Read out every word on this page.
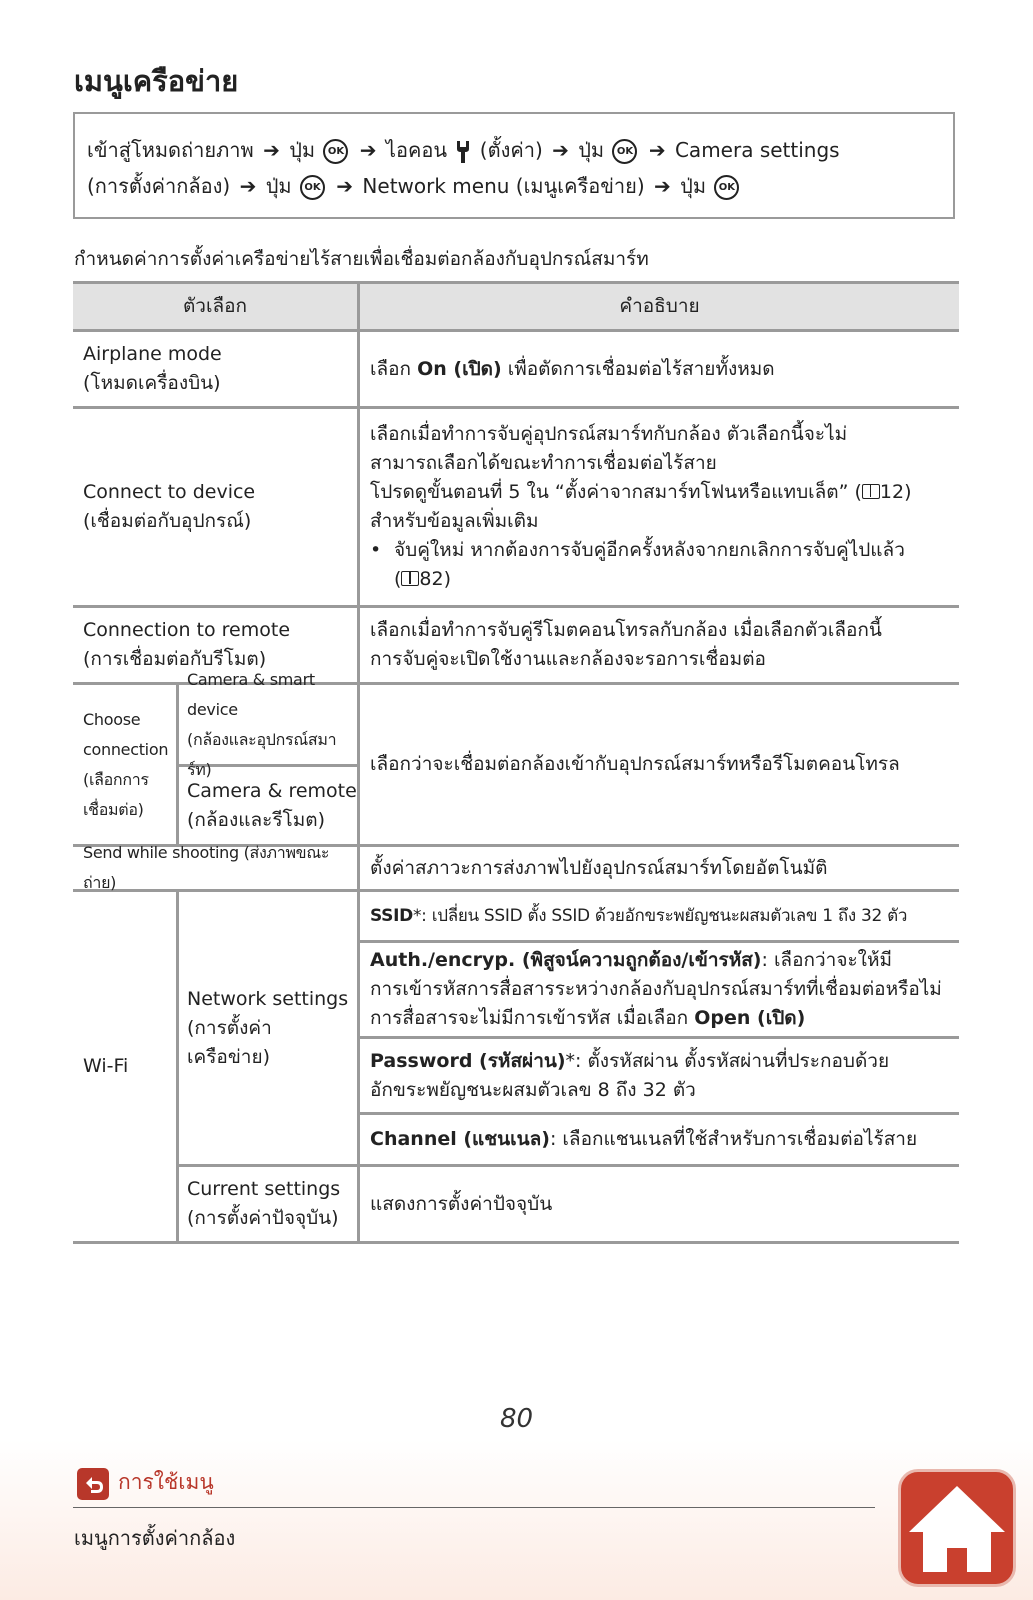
เมนูเครือข่าย
เข้าสู่โหมดถ่ายภาพ ➔ ปุ่ม OK ➔ ไอคอน (ตั้งค่า) ➔ ปุ่ม OK ➔ Camera settings
(การตั้งค่ากล้อง) ➔ ปุ่ม OK ➔ Network menu (เมนูเครือข่าย) ➔ ปุ่ม OK
กำหนดค่าการตั้งค่าเครือข่ายไร้สายเพื่อเชื่อมต่อกล้องกับอุปกรณ์สมาร์ท
ตัวเลือก	คำอธิบาย
Airplane mode
(โหมดเครื่องบิน)
เลือก On (เปิด) เพื่อตัดการเชื่อมต่อไร้สายทั้งหมด
Connect to device
(เชื่อมต่อกับอุปกรณ์)
เลือกเมื่อทำการจับคู่อุปกรณ์สมาร์ทกับกล้อง ตัวเลือกนี้จะไม่
สามารถเลือกได้ขณะทำการเชื่อมต่อไร้สาย
โปรดดูขั้นตอนที่ 5 ใน “ตั้งค่าจากสมาร์ทโฟนหรือแทบเล็ต” ( 12)
สำหรับข้อมูลเพิ่มเติม
• จับคู่ใหม่ หากต้องการจับคู่อีกครั้งหลังจากยกเลิกการจับคู่ไปแล้ว
( 82)
Connection to remote
(การเชื่อมต่อกับรีโมต)
เลือกเมื่อทำการจับคู่รีโมตคอนโทรลกับกล้อง เมื่อเลือกตัวเลือกนี้
การจับคู่จะเปิดใช้งานและกล้องจะรอการเชื่อมต่อ
Choose
connection
(เลือกการ
เชื่อมต่อ)
Camera & smart device
(กล้องและอุปกรณ์สมาร์ท)
Camera & remote
(กล้องและรีโมต)
เลือกว่าจะเชื่อมต่อกล้องเข้ากับอุปกรณ์สมาร์ทหรือรีโมตคอนโทรล
Send while shooting (ส่งภาพขณะถ่าย)
ตั้งค่าสภาวะการส่งภาพไปยังอุปกรณ์สมาร์ทโดยอัตโนมัติ
Wi-Fi
Network settings
(การตั้งค่า
เครือข่าย)
SSID*: เปลี่ยน SSID ตั้ง SSID ด้วยอักขระพยัญชนะผสมตัวเลข 1 ถึง 32 ตัว
Auth./encryp. (พิสูจน์ความถูกต้อง/เข้ารหัส): เลือกว่าจะให้มี
การเข้ารหัสการสื่อสารระหว่างกล้องกับอุปกรณ์สมาร์ทที่เชื่อมต่อหรือไม่
การสื่อสารจะไม่มีการเข้ารหัส เมื่อเลือก Open (เปิด)
Password (รหัสผ่าน)*: ตั้งรหัสผ่าน ตั้งรหัสผ่านที่ประกอบด้วย
อักขระพยัญชนะผสมตัวเลข 8 ถึง 32 ตัว
Channel (แชนเนล): เลือกแชนเนลที่ใช้สำหรับการเชื่อมต่อไร้สาย
Current settings
(การตั้งค่าปัจจุบัน)
แสดงการตั้งค่าปัจจุบัน
80
การใช้เมนู
เมนูการตั้งค่ากล้อง
